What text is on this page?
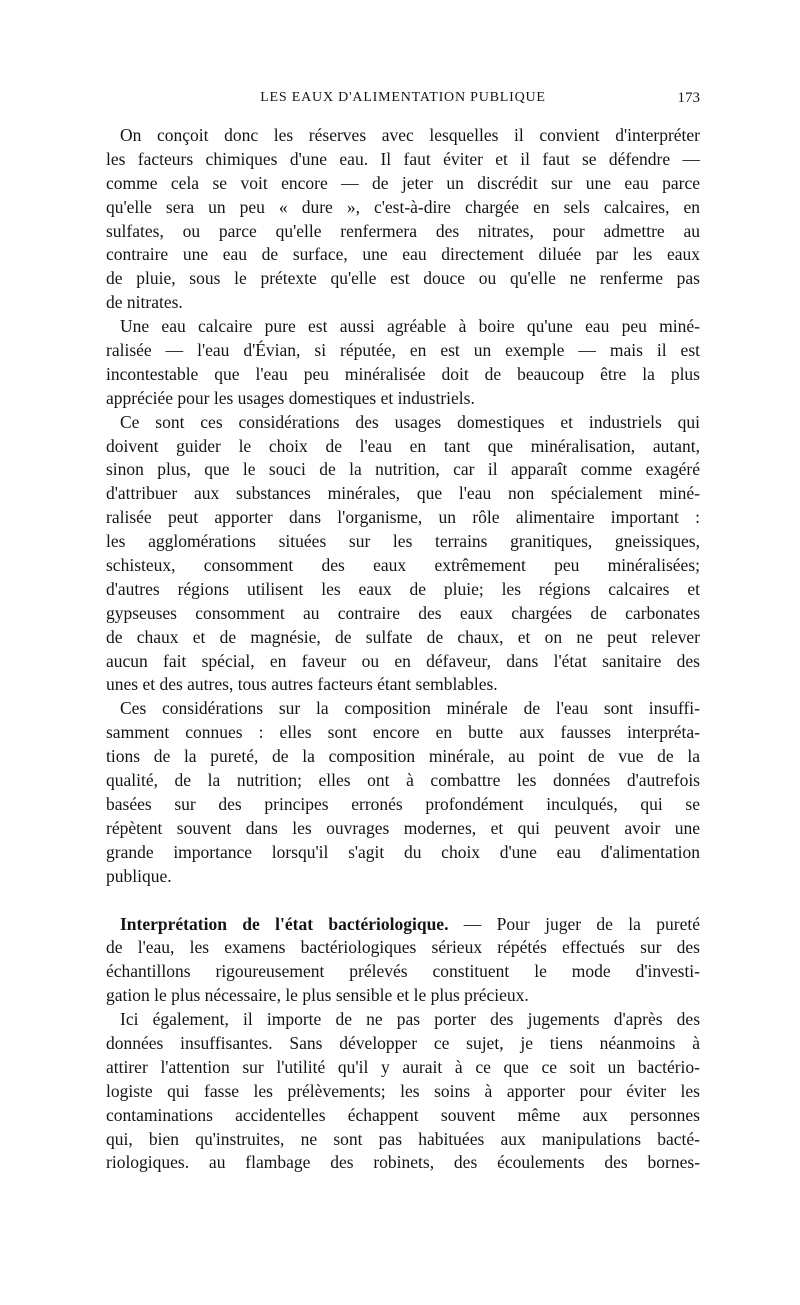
LES EAUX D'ALIMENTATION PUBLIQUE	173
On conçoit donc les réserves avec lesquelles il convient d'interpréter
les facteurs chimiques d'une eau. Il faut éviter et il faut se défendre —
comme cela se voit encore — de jeter un discrédit sur une eau parce
qu'elle sera un peu « dure », c'est-à-dire chargée en sels calcaires, en
sulfates, ou parce qu'elle renfermera des nitrates, pour admettre au
contraire une eau de surface, une eau directement diluée par les eaux
de pluie, sous le prétexte qu'elle est douce ou qu'elle ne renferme pas
de nitrates.
Une eau calcaire pure est aussi agréable à boire qu'une eau peu miné-
ralisée — l'eau d'Évian, si réputée, en est un exemple — mais il est
incontestable que l'eau peu minéralisée doit de beaucoup être la plus
appréciée pour les usages domestiques et industriels.
Ce sont ces considérations des usages domestiques et industriels qui
doivent guider le choix de l'eau en tant que minéralisation, autant,
sinon plus, que le souci de la nutrition, car il apparaît comme exagéré
d'attribuer aux substances minérales, que l'eau non spécialement miné-
ralisée peut apporter dans l'organisme, un rôle alimentaire important :
les agglomérations situées sur les terrains granitiques, gneissiques,
schisteux, consomment des eaux extrêmement peu minéralisées;
d'autres régions utilisent les eaux de pluie; les régions calcaires et
gypseuses consomment au contraire des eaux chargées de carbonates
de chaux et de magnésie, de sulfate de chaux, et on ne peut relever
aucun fait spécial, en faveur ou en défaveur, dans l'état sanitaire des
unes et des autres, tous autres facteurs étant semblables.
Ces considérations sur la composition minérale de l'eau sont insuffi-
samment connues : elles sont encore en butte aux fausses interpréta-
tions de la pureté, de la composition minérale, au point de vue de la
qualité, de la nutrition; elles ont à combattre les données d'autrefois
basées sur des principes erronés profondément inculqués, qui se
répètent souvent dans les ouvrages modernes, et qui peuvent avoir une
grande importance lorsqu'il s'agit du choix d'une eau d'alimentation
publique.
Interprétation de l'état bactériologique. — Pour juger de la pureté
de l'eau, les examens bactériologiques sérieux répétés effectués sur des
échantillons rigoureusement prélevés constituent le mode d'investi-
gation le plus nécessaire, le plus sensible et le plus précieux.
Ici également, il importe de ne pas porter des jugements d'après des
données insuffisantes. Sans développer ce sujet, je tiens néanmoins à
attirer l'attention sur l'utilité qu'il y aurait à ce que ce soit un bactério-
logiste qui fasse les prélèvements; les soins à apporter pour éviter les
contaminations accidentelles échappent souvent même aux personnes
qui, bien qu'instruites, ne sont pas habituées aux manipulations bacté-
riologiques. au flambage des robinets, des écoulements des bornes-
